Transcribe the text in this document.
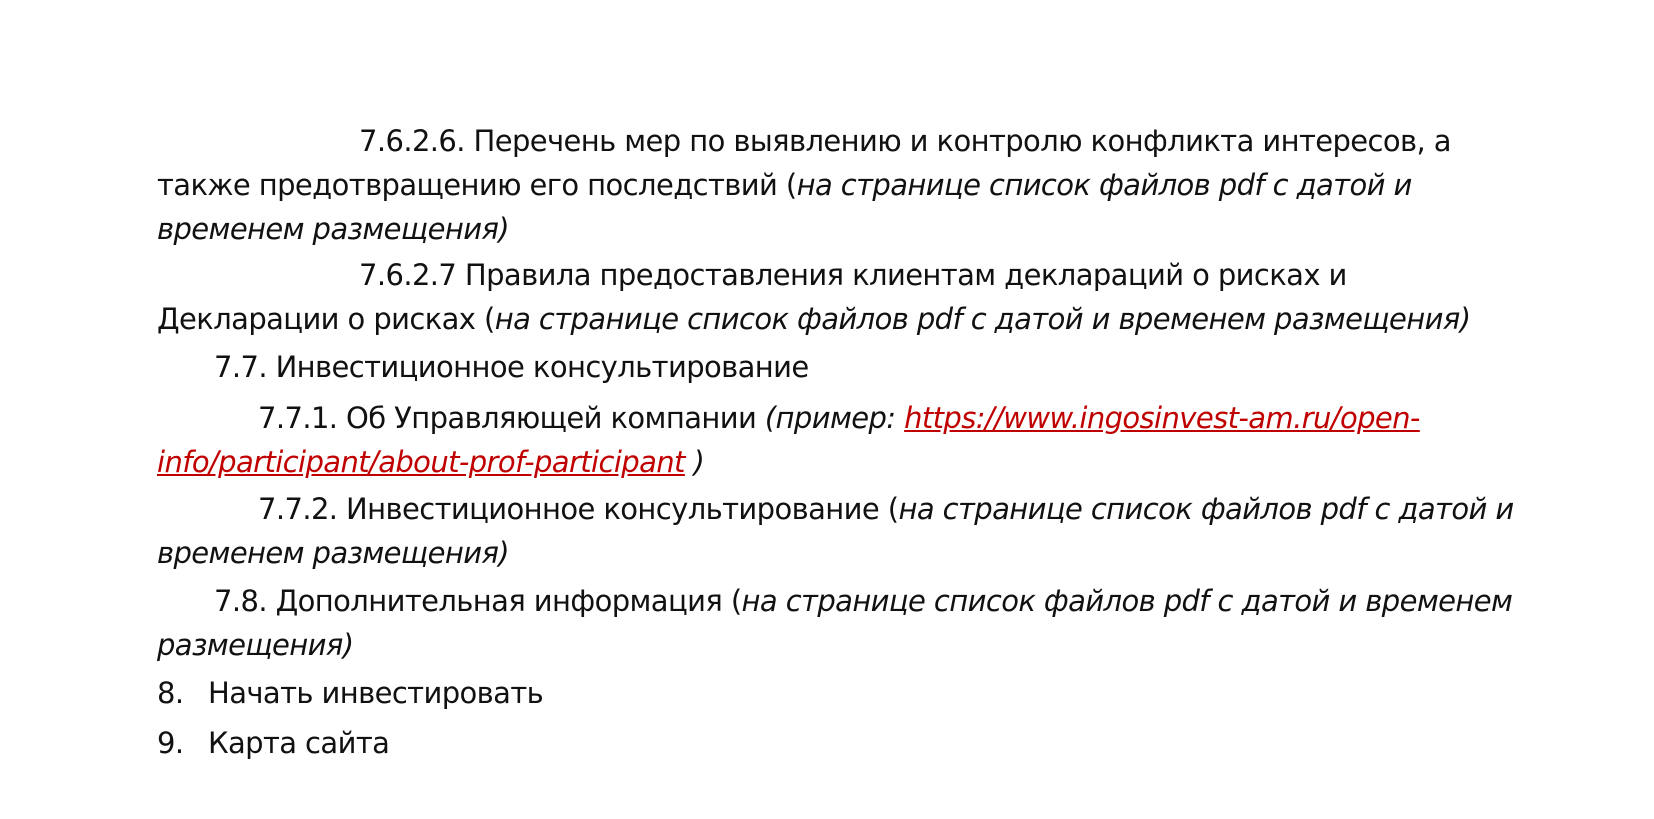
7.6.2.6. Перечень мер по выявлению и контролю конфликта интересов, а также предотвращению его последствий (на странице список файлов pdf с датой и временем размещения)
7.6.2.7 Правила предоставления клиентам деклараций о рисках и Декларации о рисках (на странице список файлов pdf с датой и временем размещения)
7.7. Инвестиционное консультирование
7.7.1. Об Управляющей компании (пример: https://www.ingosinvest-am.ru/open-info/participant/about-prof-participant )
7.7.2. Инвестиционное консультирование (на странице список файлов pdf с датой и временем размещения)
7.8. Дополнительная информация (на странице список файлов pdf с датой и временем размещения)
8. Начать инвестировать
9. Карта сайта
